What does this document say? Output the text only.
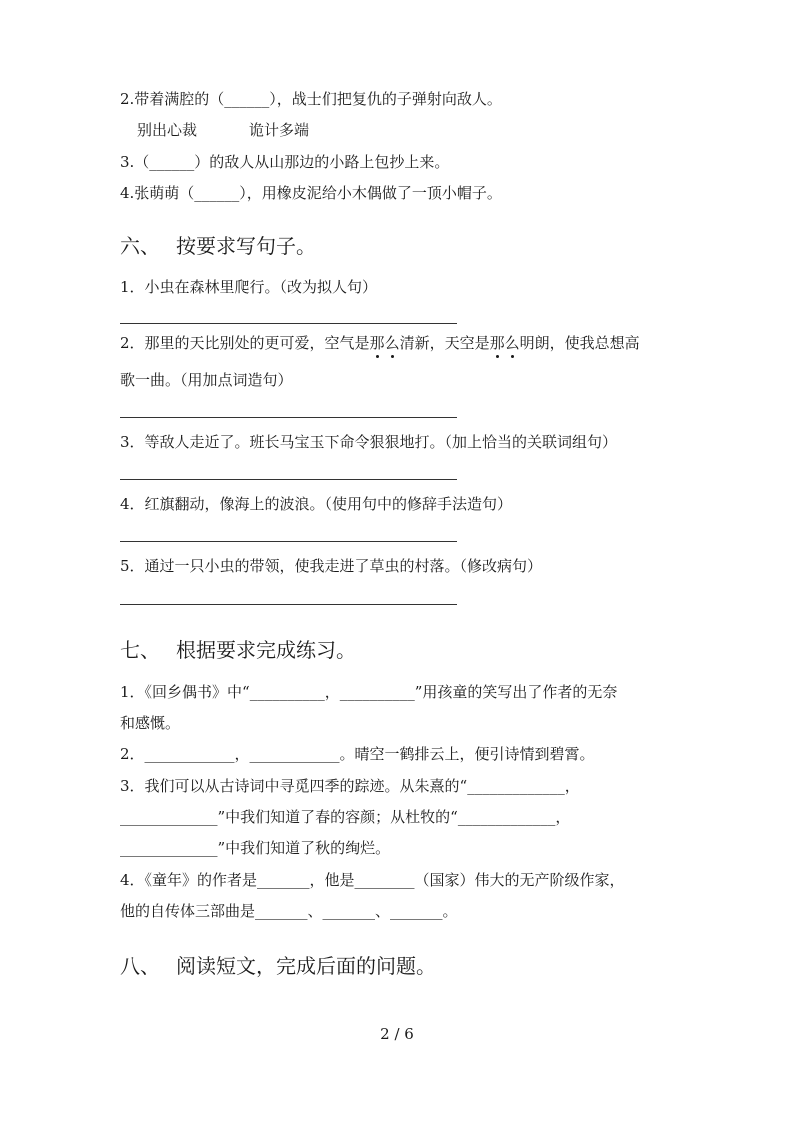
2.带着满腔的（______），战士们把复仇的子弹射向敌人。
别出心裁	诡计多端
3.（______）的敌人从山那边的小路上包抄上来。
4.张萌萌（______），用橡皮泥给小木偶做了一顶小帽子。
六、 按要求写句子。
1．小虫在森林里爬行。（改为拟人句）
2．那里的天比别处的更可爱，空气是那么清新，天空是那么明朗，使我总想高
歌一曲。（用加点词造句）
3．等敌人走近了。班长马宝玉下命令狠狠地打。（加上恰当的关联词组句）
4．红旗翻动，像海上的波浪。（使用句中的修辞手法造句）
5．通过一只小虫的带领，使我走进了草虫的村落。（修改病句）
七、 根据要求完成练习。
1．《回乡偶书》中“__________，__________”用孩童的笑写出了作者的无奈
和感慨。
2．____________，____________。晴空一鹤排云上，便引诗情到碧霄。
3．我们可以从古诗词中寻觅四季的踪迹。从朱熹的“_____________，
_____________”中我们知道了春的容颜；从杜牧的“_____________，
_____________”中我们知道了秋的绚烂。
4．《童年》的作者是_______，他是________（国家）伟大的无产阶级作家，
他的自传体三部曲是_______、_______、_______。
八、 阅读短文，完成后面的问题。
2 / 6
